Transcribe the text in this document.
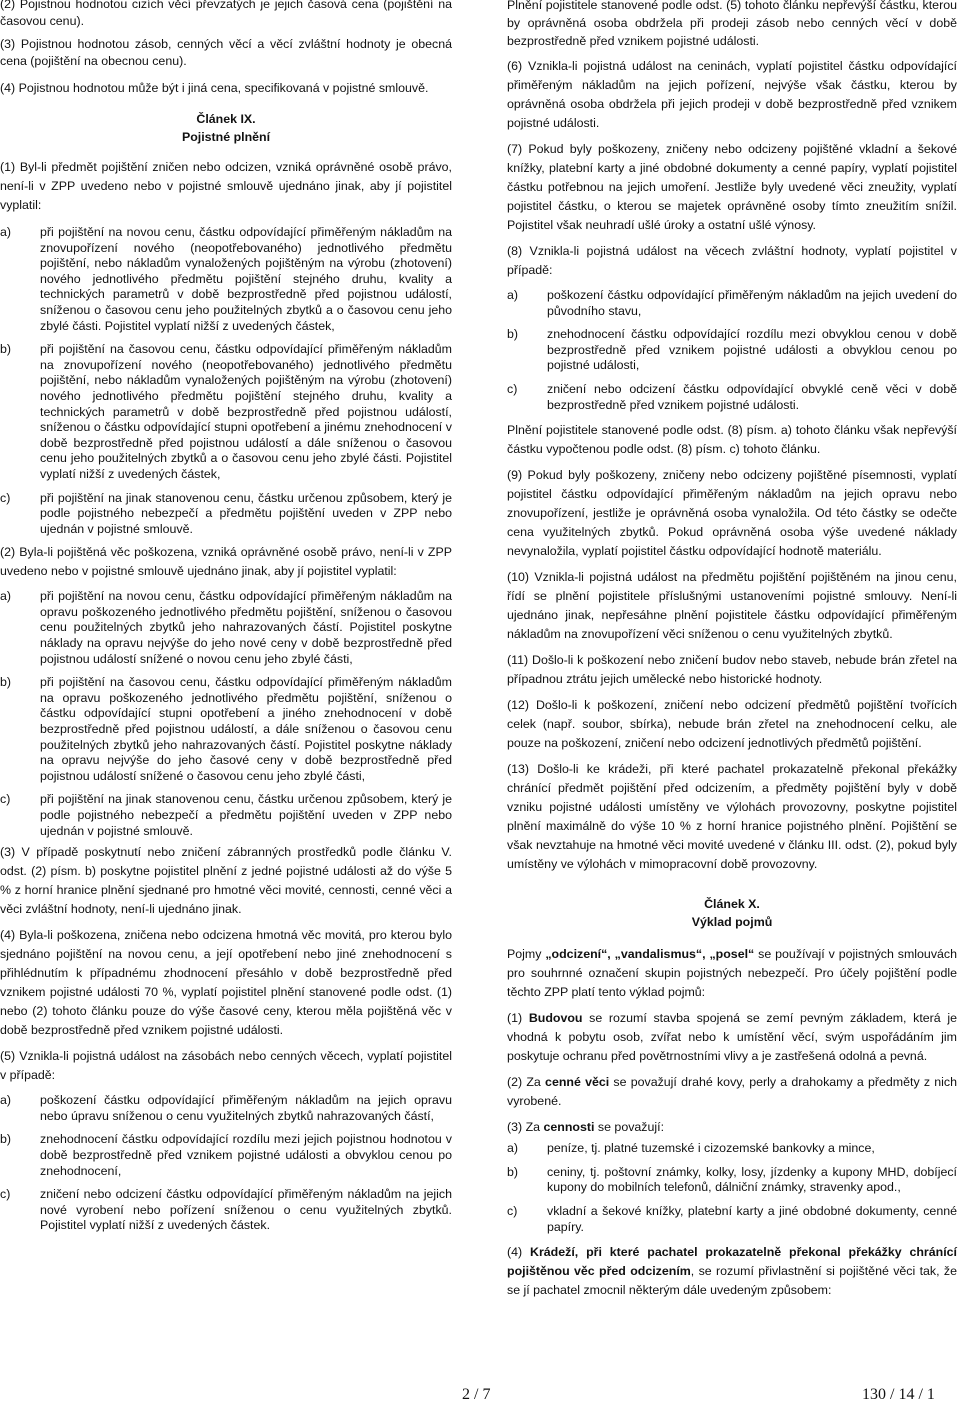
(2) Pojistnou hodnotou cizích věcí převzatých je jejich časová cena (pojištění na časovou cenu).

(3) Pojistnou hodnotou zásob, cenných věcí a věcí zvláštní hodnoty je obecná cena (pojištění na obecnou cenu).

(4) Pojistnou hodnotou může být i jiná cena, specifikovaná v pojistné smlouvě.

Článek IX.

Pojistné plnění

(1) Byl-li předmět pojištění zničen nebo odcizen, vzniká oprávněné osobě právo, není-li v ZPP uvedeno nebo v pojistné smlouvě ujednáno jinak, aby jí pojistitel vyplatil:

a)	při pojištění na novou cenu, částku odpovídající přiměřeným nákladům na znovupořízení nového (neopotřebovaného) jednotlivého předmětu pojištění, nebo nákladům vynaložených pojištěným na výrobu (zhotovení) nového jednotlivého předmětu pojištění stejného druhu, kvality a technických parametrů v době bezprostředně před pojistnou událostí, sníženou o časovou cenu jeho použitelných zbytků a o časovou cenu jeho zbylé části. Pojistitel vyplatí nižší z uvedených částek,
b)	při pojištění na časovou cenu, částku odpovídající přiměřeným nákladům na znovupořízení nového (neopotřebovaného) jednotlivého předmětu pojištění, nebo nákladům vynaložených pojištěným na výrobu (zhotovení) nového jednotlivého předmětu pojištění stejného druhu, kvality a technických parametrů v době bezprostředně před pojistnou událostí, sníženou o částku odpovídající stupni opotřebení a jinému znehodnocení v době bezprostředně před pojistnou událostí a dále sníženou o časovou cenu jeho použitelných zbytků a o časovou cenu jeho zbylé části. Pojistitel vyplatí nižší z uvedených částek,
c)	při pojištění na jinak stanovenou cenu, částku určenou způsobem, který je podle pojistného nebezpečí a předmětu pojištění uveden v ZPP nebo ujednán v pojistné smlouvě.

(2) Byla-li pojištěná věc poškozena, vzniká oprávněné osobě právo, není-li v ZPP uvedeno nebo v pojistné smlouvě ujednáno jinak, aby jí pojistitel vyplatil:

a)	při pojištění na novou cenu, částku odpovídající přiměřeným nákladům na opravu poškozeného jednotlivého předmětu pojištění, sníženou o časovou cenu použitelných zbytků jeho nahrazovaných částí. Pojistitel poskytne náklady na opravu nejvýše do jeho nové ceny v době bezprostředně před pojistnou událostí snížené o novou cenu jeho zbylé části,
b)	při pojištění na časovou cenu, částku odpovídající přiměřeným nákladům na opravu poškozeného jednotlivého předmětu pojištění, sníženou o částku odpovídající stupni opotřebení a jiného znehodnocení v době bezprostředně před pojistnou událostí, a dále sníženou o časovou cenu použitelných zbytků jeho nahrazovaných částí. Pojistitel poskytne náklady na opravu nejvýše do jeho časové ceny v době bezprostředně před pojistnou událostí snížené o časovou cenu jeho zbylé části,
c)	při pojištění na jinak stanovenou cenu, částku určenou způsobem, který je podle pojistného nebezpečí a předmětu pojištění uveden v ZPP nebo ujednán v pojistné smlouvě.

(3) V případě poskytnutí nebo zničení zábranných prostředků podle článku V. odst. (2) písm. b) poskytne pojistitel plnění z jedné pojistné události až do výše 5 % z horní hranice plnění sjednané pro hmotné věci movité, cennosti, cenné věci a věci zvláštní hodnoty, není-li ujednáno jinak.

(4) Byla-li poškozena, zničena nebo odcizena hmotná věc movitá, pro kterou bylo sjednáno pojištění na novou cenu, a její opotřebení nebo jiné znehodnocení s přihlédnutím k případnému zhodnocení přesáhlo v době bezprostředně před vznikem pojistné události 70 %, vyplatí pojistitel plnění stanovené podle odst. (1) nebo (2) tohoto článku pouze do výše časové ceny, kterou měla pojištěná věc v době bezprostředně před vznikem pojistné události.

(5) Vznikla-li pojistná událost na zásobách nebo cenných věcech, vyplatí pojistitel v případě:

a)	poškození částku odpovídající přiměřeným nákladům na jejich opravu nebo úpravu sníženou o cenu využitelných zbytků nahrazovaných částí,
b)	znehodnocení částku odpovídající rozdílu mezi jejich pojistnou hodnotou v době bezprostředně před vznikem pojistné události a obvyklou cenou po znehodnocení,
c)	zničení nebo odcizení částku odpovídající přiměřeným nákladům na jejich nové vyrobení nebo pořízení sníženou o cenu využitelných zbytků. Pojistitel vyplatí nižší z uvedených částek.

Plnění pojistitele stanovené podle odst. (5) tohoto článku nepřevýší částku, kterou by oprávněná osoba obdržela při prodeji zásob nebo cenných věcí v době bezprostředně před vznikem pojistné události.

(6) Vznikla-li pojistná událost na ceninách, vyplatí pojistitel částku odpovídající přiměřeným nákladům na jejich pořízení, nejvýše však částku, kterou by oprávněná osoba obdržela při jejich prodeji v době bezprostředně před vznikem pojistné události.

(7) Pokud byly poškozeny, zničeny nebo odcizeny pojištěné vkladní a šekové knížky, platební karty a jiné obdobné dokumenty a cenné papíry, vyplatí pojistitel částku potřebnou na jejich umoření. Jestliže byly uvedené věci zneužity, vyplatí pojistitel částku, o kterou se majetek oprávněné osoby tímto zneužitím snížil. Pojistitel však neuhradí ušlé úroky a ostatní ušlé výnosy.

(8) Vznikla-li pojistná událost na věcech zvláštní hodnoty, vyplatí pojistitel v případě:

a)	poškození částku odpovídající přiměřeným nákladům na jejich uvedení do původního stavu,
b)	znehodnocení částku odpovídající rozdílu mezi obvyklou cenou v době bezprostředně před vznikem pojistné události a obvyklou cenou po pojistné události,
c)	zničení nebo odcizení částku odpovídající obvyklé ceně věci v době bezprostředně před vznikem pojistné události.

Plnění pojistitele stanovené podle odst. (8) písm. a) tohoto článku však nepřevýší částku vypočtenou podle odst. (8) písm. c) tohoto článku.

(9) Pokud byly poškozeny, zničeny nebo odcizeny pojištěné písemnosti, vyplatí pojistitel částku odpovídající přiměřeným nákladům na jejich opravu nebo znovupořízení, jestliže je oprávněná osoba vynaložila. Od této částky se odečte cena využitelných zbytků. Pokud oprávněná osoba výše uvedené náklady nevynaložila, vyplatí pojistitel částku odpovídající hodnotě materiálu.

(10) Vznikla-li pojistná událost na předmětu pojištění pojištěném na jinou cenu, řídí se plnění pojistitele příslušnými ustanoveními pojistné smlouvy. Není-li ujednáno jinak, nepřesáhne plnění pojistitele částku odpovídající přiměřeným nákladům na znovupořízení věci sníženou o cenu využitelných zbytků.

(11) Došlo-li k poškození nebo zničení budov nebo staveb, nebude brán zřetel na případnou ztrátu jejich umělecké nebo historické hodnoty.

(12) Došlo-li k poškození, zničení nebo odcizení předmětů pojištění tvořících celek (např. soubor, sbírka), nebude brán zřetel na znehodnocení celku, ale pouze na poškození, zničení nebo odcizení jednotlivých předmětů pojištění.

(13) Došlo-li ke krádeži, při které pachatel prokazatelně překonal překážky chránící předmět pojištění před odcizením, a předměty pojištění byly v době vzniku pojistné události umístěny ve výlohách provozovny, poskytne pojistitel plnění maximálně do výše 10 % z horní hranice pojistného plnění. Pojištění se však nevztahuje na hmotné věci movité uvedené v článku III. odst. (2), pokud byly umístěny ve výlohách v mimopracovní době provozovny.

Článek X.

Výklad pojmů

Pojmy „odcizení“, „vandalismus“, „posel“ se používají v pojistných smlouvách pro souhrnné označení skupin pojistných nebezpečí. Pro účely pojištění podle těchto ZPP platí tento výklad pojmů:

(1) Budovou se rozumí stavba spojená se zemí pevným základem, která je vhodná k pobytu osob, zvířat nebo k umístění věcí, svým uspořádáním jim poskytuje ochranu před povětrnostními vlivy a je zastřešená odolná a pevná.

(2) Za cenné věci se považují drahé kovy, perly a drahokamy a předměty z nich vyrobené.

(3) Za cennosti se považují:

a)	peníze, tj. platné tuzemské i cizozemské bankovky a mince,
b)	ceniny, tj. poštovní známky, kolky, losy, jízdenky a kupony MHD, dobíjecí kupony do mobilních telefonů, dálniční známky, stravenky apod.,
c)	vkladní a šekové knížky, platební karty a jiné obdobné dokumenty, cenné papíry.

(4) Krádeží, při které pachatel prokazatelně překonal překážky chránící pojištěnou věc před odcizením, se rozumí přivlastnění si pojištěné věci tak, že se jí pachatel zmocnil některým dále uvedeným způsobem:

2 / 7	130 / 14 / 1
